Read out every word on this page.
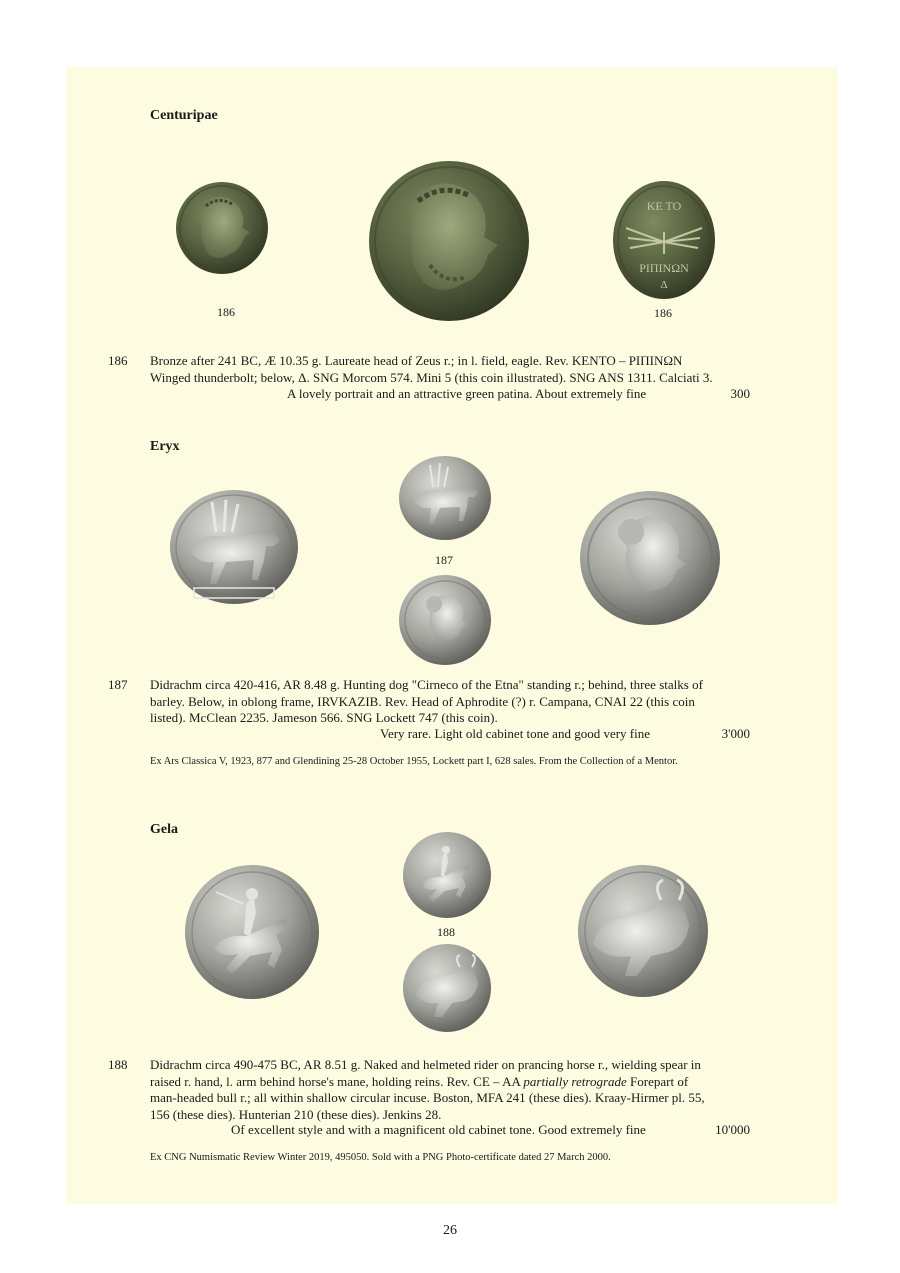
Centuripae
186
ΚΕ ΤΟ
ΡΙΠΙΝΩΝ
Δ
186
186 Bronze after 241 BC, Æ 10.35 g. Laureate head of Zeus r.; in l. field, eagle. Rev. KENTO – ΡΙΠΙΝΩΝ

Winged thunderbolt; below, Δ. SNG Morcom 574. Mini 5 (this coin illustrated). SNG ANS 1311. Calciati 3.

A lovely portrait and an attractive green patina. About extremely fine	300
Eryx
187
187 Didrachm circa 420-416, AR 8.48 g. Hunting dog "Cirneco of the Etna" standing r.; behind, three stalks of

barley. Below, in oblong frame, IRVKAZIB. Rev. Head of Aphrodite (?) r. Campana, CNAI 22 (this coin

listed). McClean 2235. Jameson 566. SNG Lockett 747 (this coin).

Very rare. Light old cabinet tone and good very fine	3'000
Ex Ars Classica V, 1923, 877 and Glendining 25-28 October 1955, Lockett part I, 628 sales. From the Collection of a Mentor.
Gela
188
188 Didrachm circa 490-475 BC, AR 8.51 g. Naked and helmeted rider on prancing horse r., wielding spear in

raised r. hand, l. arm behind horse's mane, holding reins. Rev. CE – AA partially retrograde Forepart of

man-headed bull r.; all within shallow circular incuse. Boston, MFA 241 (these dies). Kraay-Hirmer pl. 55,

156 (these dies). Hunterian 210 (these dies). Jenkins 28.

Of excellent style and with a magnificent old cabinet tone. Good extremely fine	10'000
Ex CNG Numismatic Review Winter 2019, 495050. Sold with a PNG Photo-certificate dated 27 March 2000.
26
